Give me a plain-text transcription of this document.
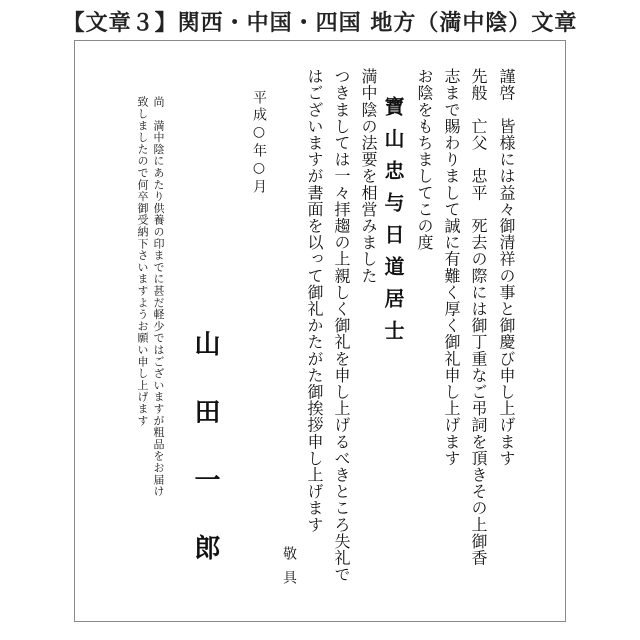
【文章３】関西・中国・四国 地方（満中陰）文章
謹啓　皆様には益々御清祥の事と御慶び申し上げます
先般　亡父　忠平　死去の際には御丁重なご弔詞を頂きその上御香
志まで賜わりまして誠に有難く厚く御礼申し上げます
お陰をもちましてこの度
寶山忠与日道居士
満中陰の法要を相営みました
つきましては一々拝趨の上親しく御礼を申し上げるべきところ失礼で
はございますが書面を以って御礼かたがた御挨拶申し上げます
敬具
平成○年○月
山田一郎
尚　満中陰にあたり供養の印までに甚だ軽少ではございますが粗品をお届け
致しましたので何卒御受納下さいますようお願い申し上げます
